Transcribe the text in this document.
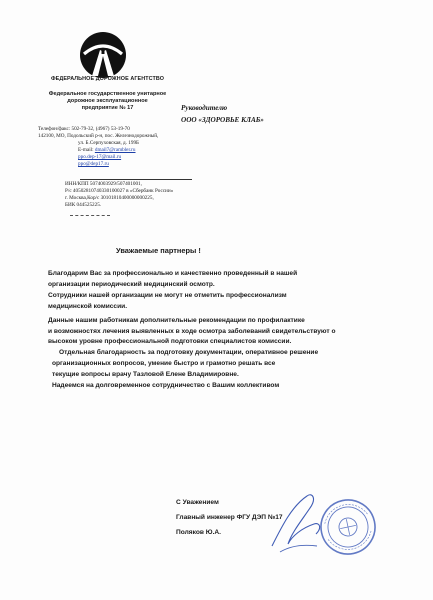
ФЕДЕРАЛЬНОЕ ДОРОЖНОЕ АГЕНТСТВО
Федеральное государственное унитарное
дорожное эксплуатационное
предприятие № 17
Телефон/факс: 502-79-32, (4967) 53-19-70
142100, МО, Подольский р-н, пос. Железнодорожный,
ул. Б.Серпуховская, д. 199Б
E-mail: dmail7@rambler.ru
ppo.dep-17@mail.ru
ppo@dep17.ru
ИНН/КПП 5074003929/507401001,
Р/с 40502810740330100027 в «Сбербанк России»
г. Москва,Кор/с 30101810400000000225,
БИК 044525225.
Руководителю
ООО «ЗДОРОВЬЕ КЛАБ»
Уважаемые партнеры !
Благодарим Вас за профессионально и качественно проведенный в нашей
организации периодический медицинский осмотр.
Сотрудники нашей организации не могут не отметить профессионализм
медицинской комиссии.
Данные нашим работникам дополнительные рекомендации по профилактике
и возможностях лечения выявленных в ходе осмотра заболеваний свидетельствуют о
высоком уровне профессиональной подготовки специалистов комиссии.
Отдельная благодарность за подготовку документации, оперативное решение
организационных вопросов, умение быстро и грамотно решать все
текущие вопросы врачу Тазловой Елене Владимировне.
Надеемся на долговременное сотрудничество с Вашим коллективом
С Уважением
Главный инженер ФГУ ДЭП №17
Поляков Ю.А.
